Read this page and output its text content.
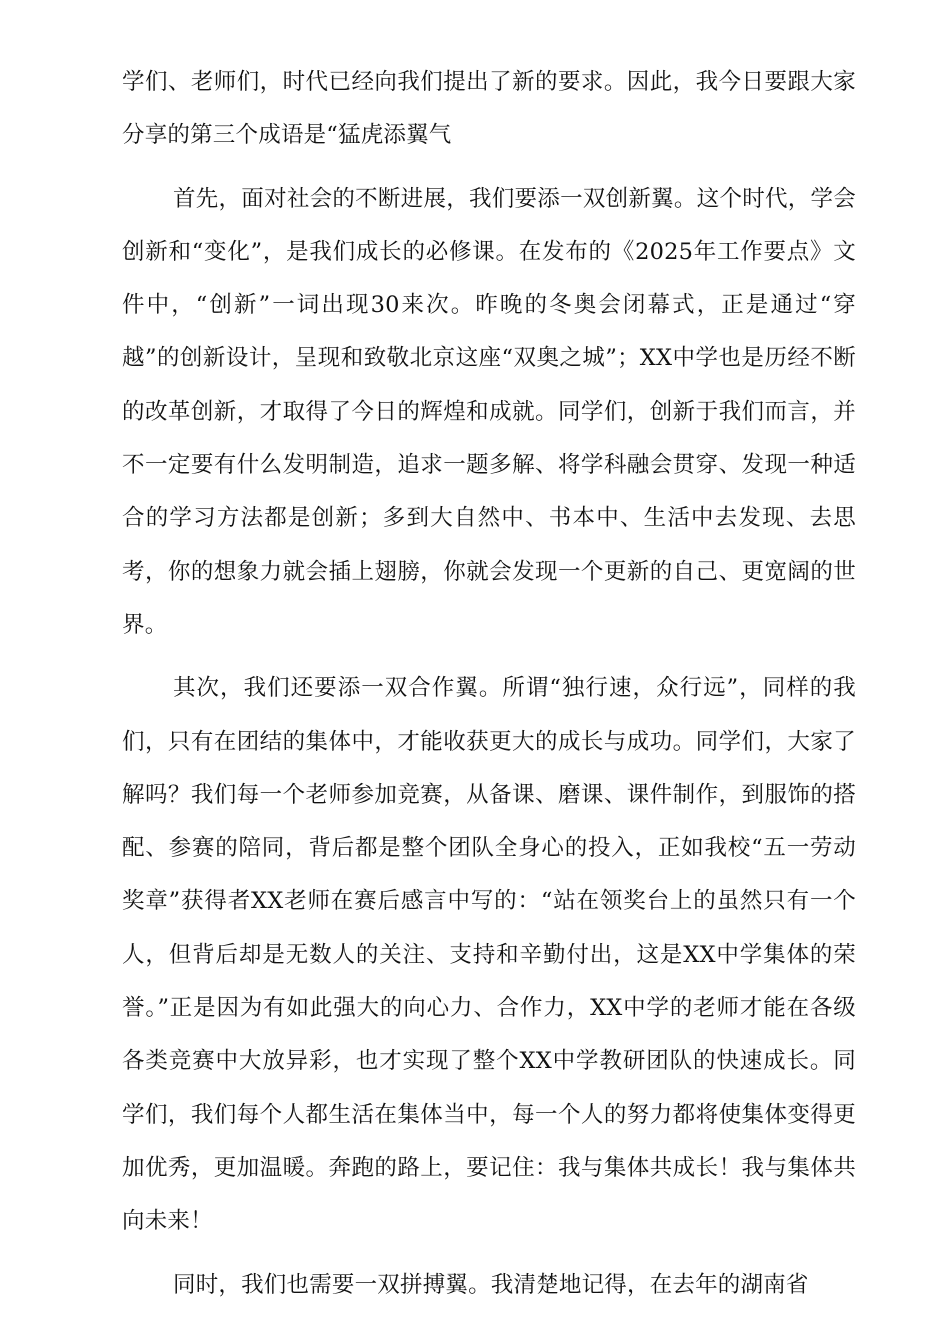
学们、老师们，时代已经向我们提出了新的要求。因此，我今日要跟大家分享的第三个成语是“猛虎添翼气

首先，面对社会的不断进展，我们要添一双创新翼。这个时代，学会创新和“变化”，是我们成长的必修课。在发布的《2025年工作要点》文件中，“创新”一词出现30来次。昨晚的冬奥会闭幕式，正是通过“穿越”的创新设计，呈现和致敬北京这座“双奥之城”；XX中学也是历经不断的改革创新，才取得了今日的辉煌和成就。同学们，创新于我们而言，并不一定要有什么发明制造，追求一题多解、将学科融会贯穿、发现一种适合的学习方法都是创新；多到大自然中、书本中、生活中去发现、去思考，你的想象力就会插上翅膀，你就会发现一个更新的自己、更宽阔的世界。

其次，我们还要添一双合作翼。所谓“独行速，众行远”，同样的我们，只有在团结的集体中，才能收获更大的成长与成功。同学们，大家了解吗？我们每一个老师参加竞赛，从备课、磨课、课件制作，到服饰的搭配、参赛的陪同，背后都是整个团队全身心的投入，正如我校“五一劳动奖章”获得者XX老师在赛后感言中写的：“站在领奖台上的虽然只有一个人，但背后却是无数人的关注、支持和辛勤付出，这是XX中学集体的荣誉。”正是因为有如此强大的向心力、合作力，XX中学的老师才能在各级各类竞赛中大放异彩，也才实现了整个XX中学教研团队的快速成长。同学们，我们每个人都生活在集体当中，每一个人的努力都将使集体变得更加优秀，更加温暖。奔跑的路上，要记住：我与集体共成长！我与集体共向未来！

同时，我们也需要一双拼搏翼。我清楚地记得，在去年的湖南省
